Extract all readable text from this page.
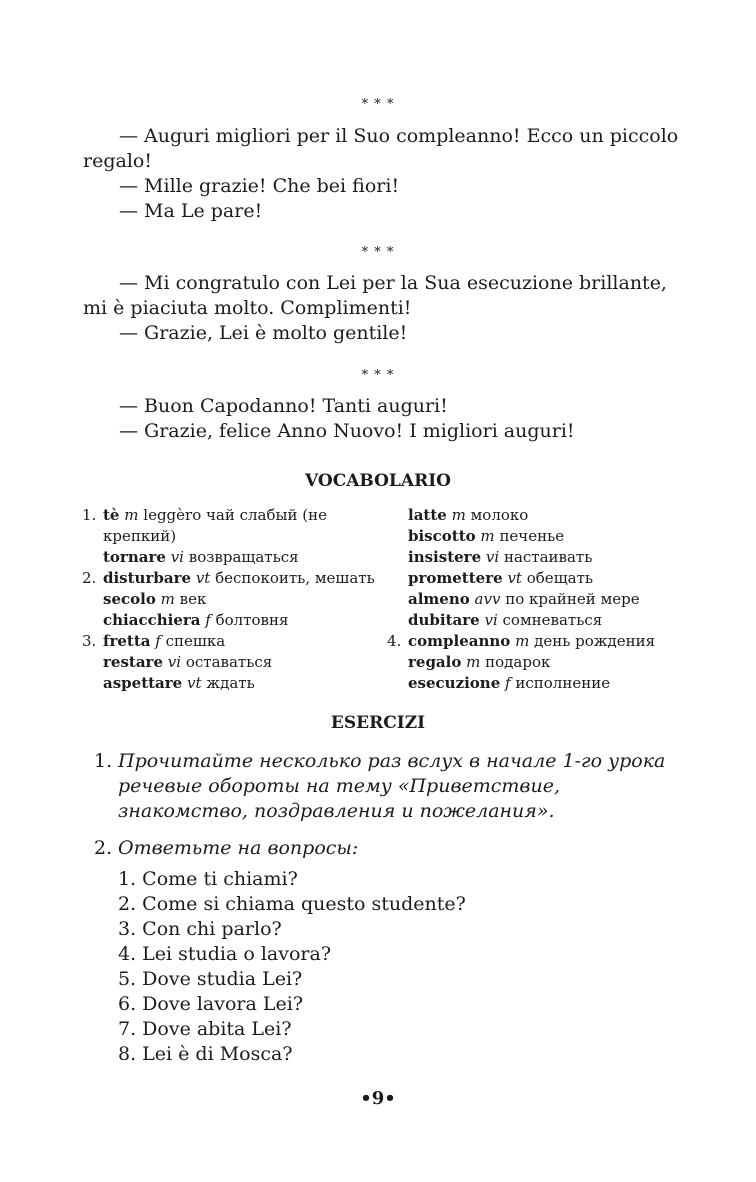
* * *
— Auguri migliori per il Suo compleanno! Ecco un piccolo
regalo!
— Mille grazie! Che bei fiori!
— Ma Le pare!
* * *
— Mi congratulo con Lei per la Sua esecuzione brillante,
mi è piaciuta molto. Complimenti!
— Grazie, Lei è molto gentile!
* * *
— Buon Capodanno! Tanti auguri!
— Grazie, felice Anno Nuovo! I migliori auguri!
VOCABOLARIO
1. tè m leggèro чай слабый (не
крепкий)
tornare vi возвращаться
2. disturbare vt беспокоить, мешать
secolo m век
chiacchiera f болтовня
3. fretta f спешка
restare vi оставаться
aspettare vt ждать
latte m молоко
biscotto m печенье
insistere vi настаивать
promettere vt обещать
almeno avv по крайней мере
dubitare vi сомневаться
4. compleanno m день рождения
regalo m подарок
esecuzione f исполнение
ESERCIZI
1. Прочитайте несколько раз вслух в начале 1-го урока речевые обороты на тему «Приветствие, знакомство, поздравления и пожелания».
2. Ответьте на вопросы:
1. Come ti chiami?
2. Come si chiama questo studente?
3. Con chi parlo?
4. Lei studia o lavora?
5. Dove studia Lei?
6. Dove lavora Lei?
7. Dove abita Lei?
8. Lei è di Mosca?
•9•
